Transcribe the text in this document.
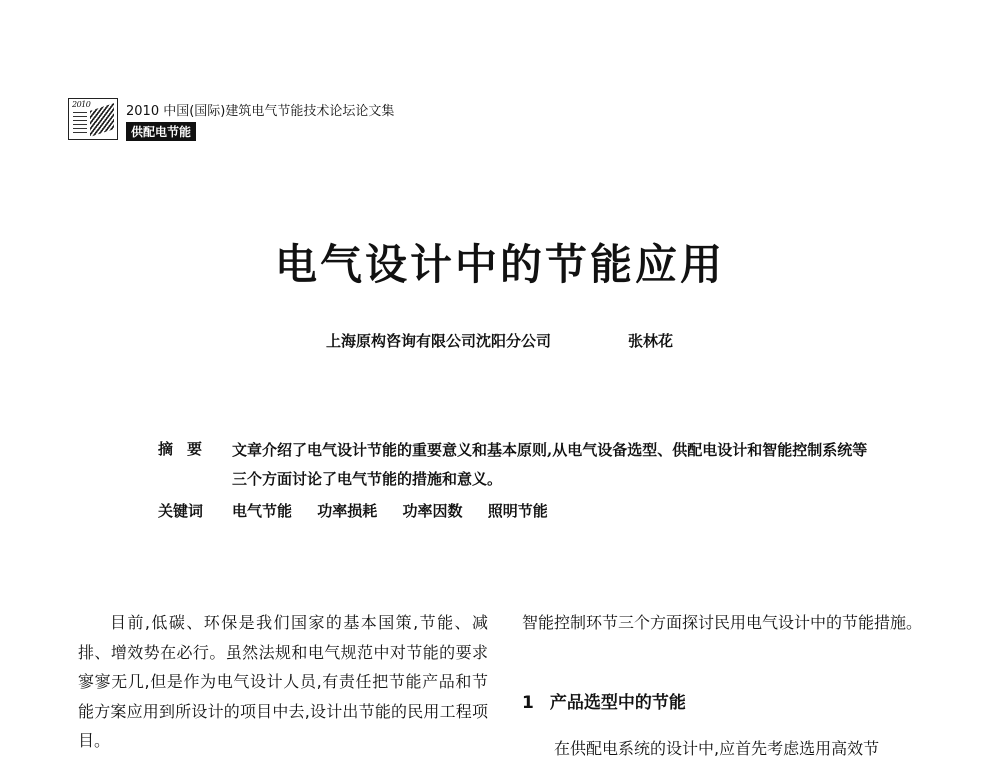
2010	2010 中国(国际)建筑电气节能技术论坛论文集
供配电节能
电气设计中的节能应用
上海原构咨询有限公司沈阳分公司	张林花
摘要 文章介绍了电气设计节能的重要意义和基本原则,从电气设备选型、供配电设计和智能控制系统等三个方面讨论了电气节能的措施和意义。
关键词 电气节能 功率损耗 功率因数 照明节能

目前,低碳、环保是我们国家的基本国策,节能、减排、增效势在必行。虽然法规和电气规范中对节能的要求寥寥无几,但是作为电气设计人员,有责任把节能产品和节能方案应用到所设计的项目中去,设计出节能的民用工程项目。

智能控制环节三个方面探讨民用电气设计中的节能措施。

1 产品选型中的节能
在供配电系统的设计中,应首先考虑选用高效节
